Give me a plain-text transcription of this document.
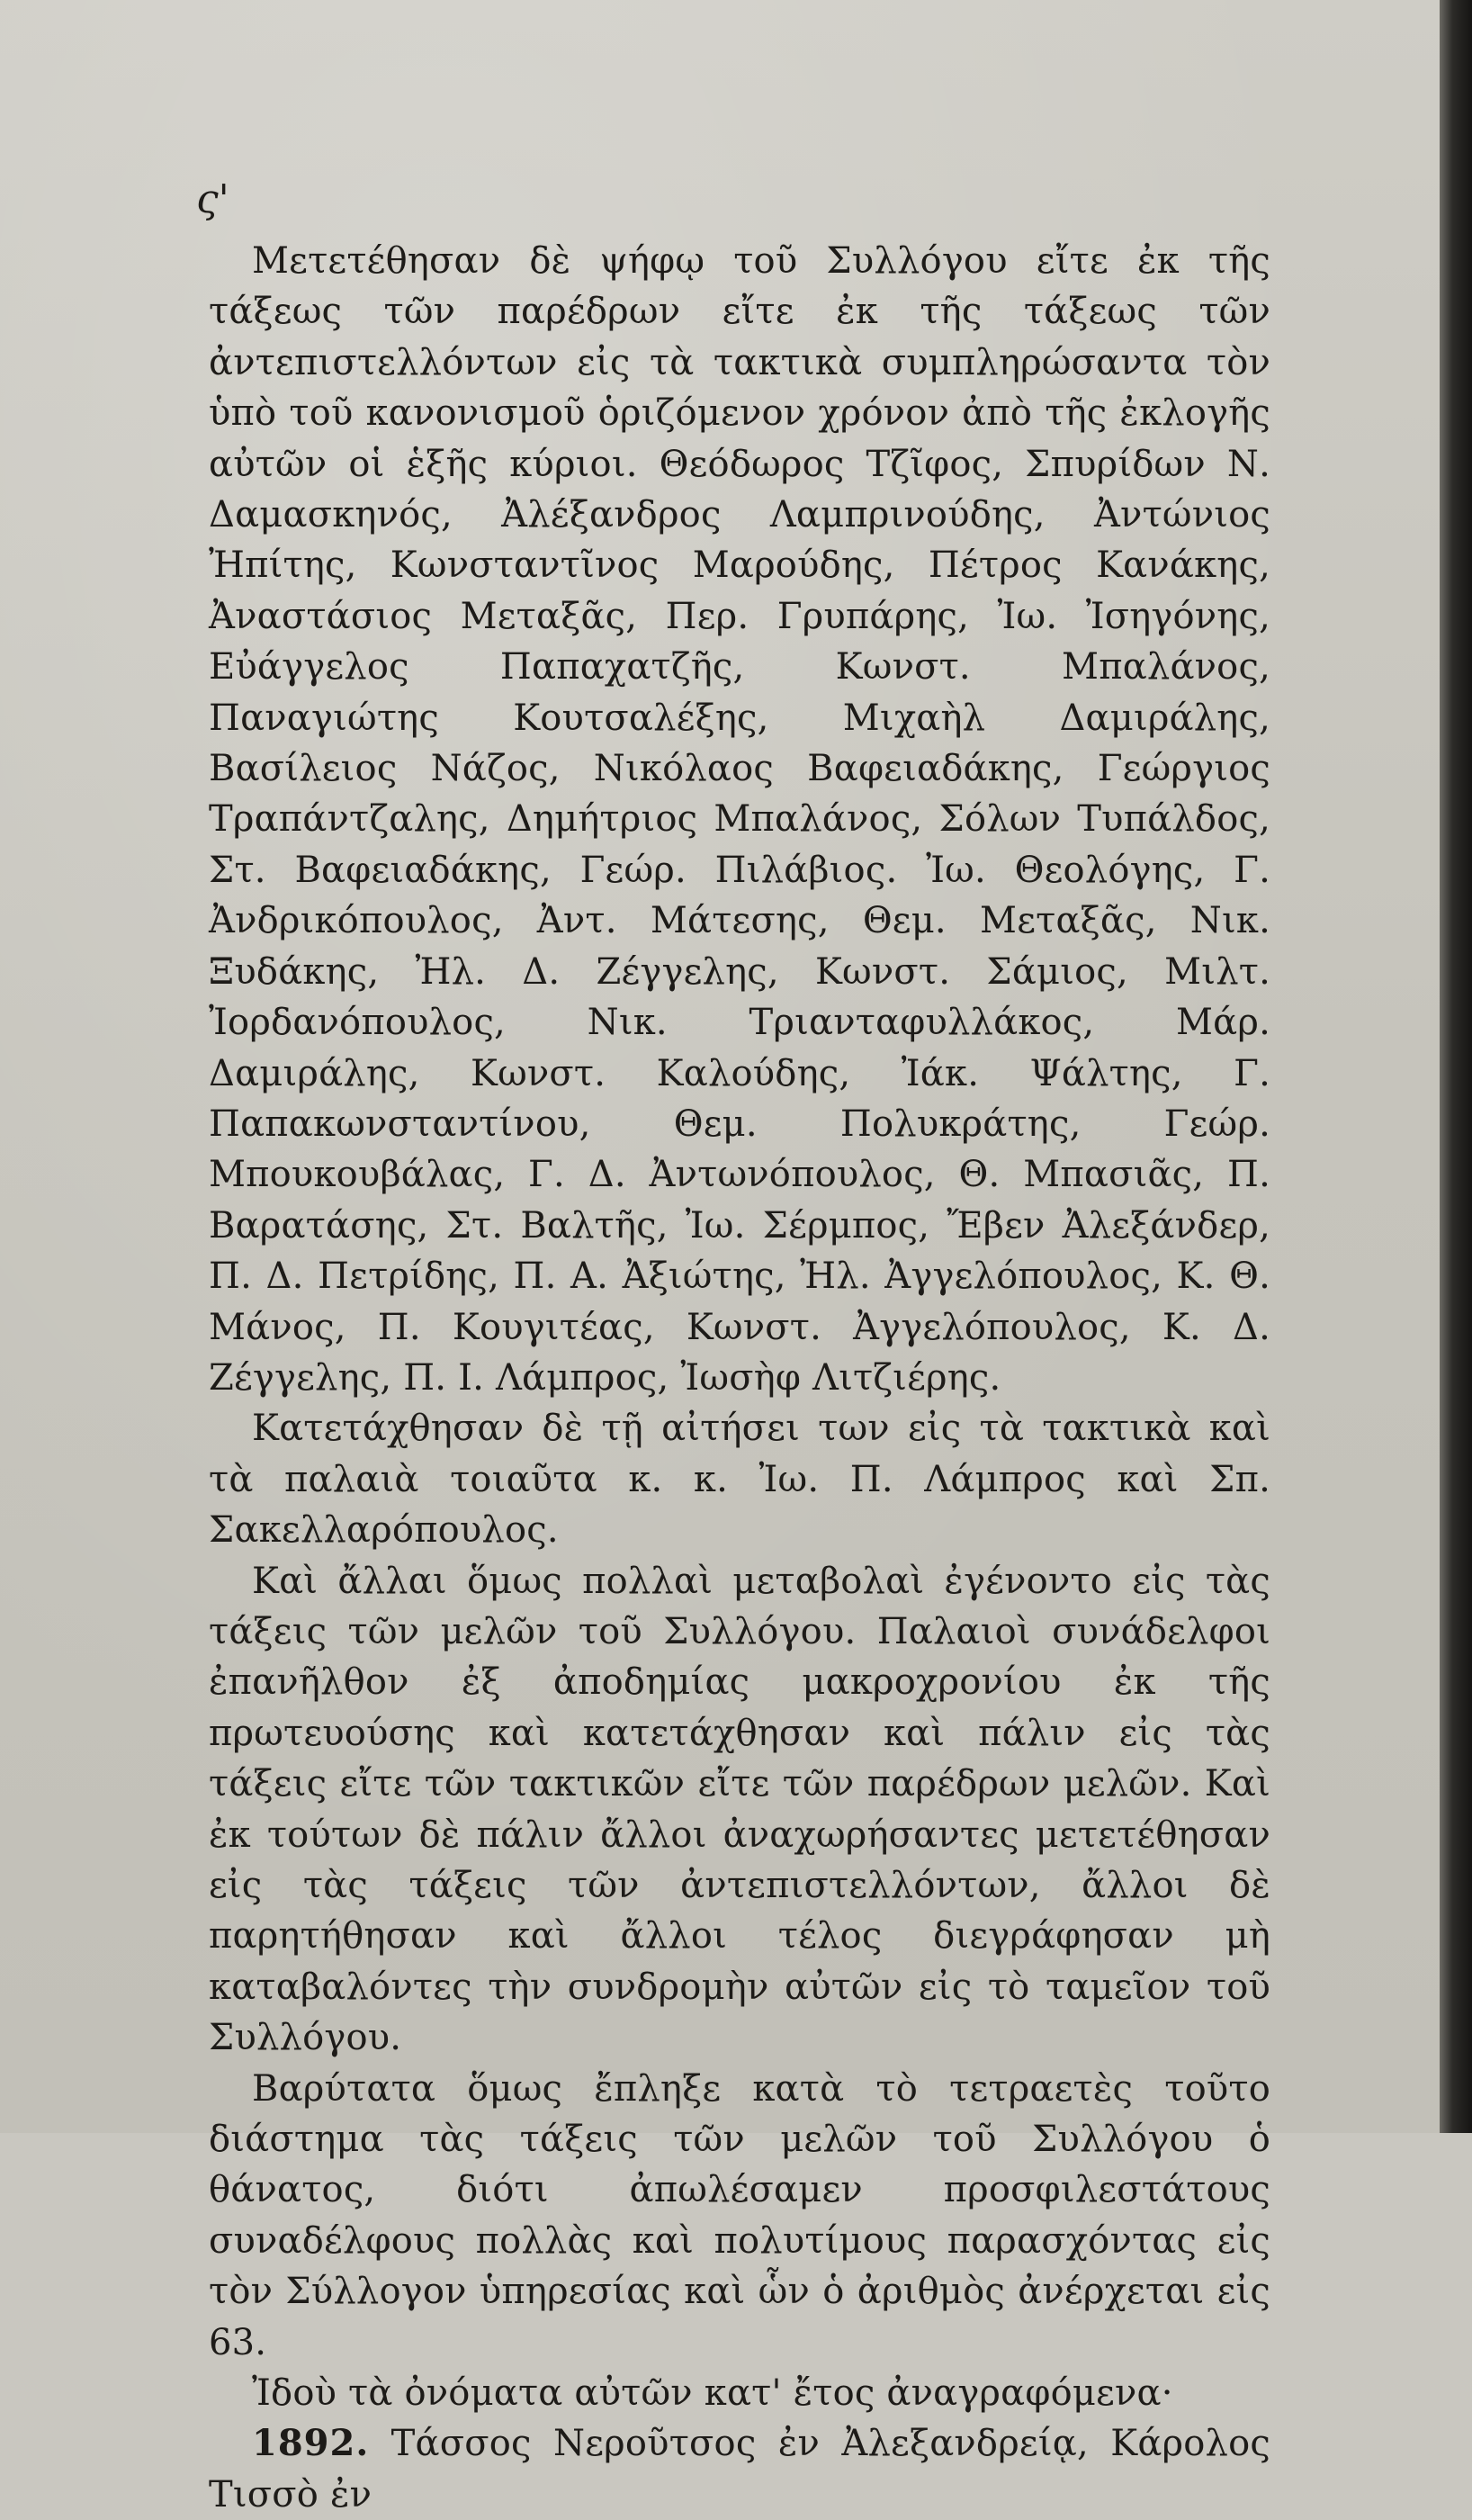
ς'

Μετετέθησαν δὲ ψήφῳ τοῦ Συλλόγου εἴτε ἐκ τῆς τάξεως τῶν παρέδρων εἴτε ἐκ τῆς τάξεως τῶν ἀντεπιστελλόντων εἰς τὰ τακτικὰ συμπληρώσαντα τὸν ὑπὸ τοῦ κανονισμοῦ ὁριζόμενον χρόνον ἀπὸ τῆς ἐκλογῆς αὐτῶν οἱ ἑξῆς κύριοι. Θεόδωρος Τζῖφος, Σπυρίδων Ν. Δαμασκηνός, Ἀλέξανδρος Λαμπρινούδης, Ἀντώνιος Ἠπίτης, Κωνσταντῖνος Μαρούδης, Πέτρος Κανάκης, Ἀναστάσιος Μεταξᾶς, Περ. Γρυπάρης, Ἰω. Ἰσηγόνης, Εὐάγγελος Παπαχατζῆς, Κωνστ. Μπαλάνος, Παναγιώτης Κουτσαλέξης, Μιχαὴλ Δαμιράλης, Βασίλειος Νάζος, Νικόλαος Βαφειαδάκης, Γεώργιος Τραπάντζαλης, Δημήτριος Μπαλάνος, Σόλων Τυπάλδος, Στ. Βαφειαδάκης, Γεώρ. Πιλάβιος. Ἰω. Θεολόγης, Γ. Ἀνδρικόπουλος, Ἀντ. Μάτεσης, Θεμ. Μεταξᾶς, Νικ. Ξυδάκης, Ἠλ. Δ. Ζέγγελης, Κωνστ. Σάμιος, Μιλτ. Ἰορδανόπουλος, Νικ. Τριανταφυλλάκος, Μάρ. Δαμιράλης, Κωνστ. Καλούδης, Ἰάκ. Ψάλτης, Γ. Παπακωνσταντίνου, Θεμ. Πολυκράτης, Γεώρ. Μπουκουβάλας, Γ. Δ. Ἀντωνόπουλος, Θ. Μπασιᾶς, Π. Βαρατάσης, Στ. Βαλτῆς, Ἰω. Σέρμπος, Ἔβεν Ἀλεξάνδερ, Π. Δ. Πετρίδης, Π. Α. Ἀξιώτης, Ἠλ. Ἀγγελόπουλος, Κ. Θ. Μάνος, Π. Κουγιτέας, Κωνστ. Ἀγγελόπουλος, Κ. Δ. Ζέγγελης, Π. Ι. Λάμπρος, Ἰωσὴφ Λιτζιέρης.

Κατετάχθησαν δὲ τῇ αἰτήσει των εἰς τὰ τακτικὰ καὶ τὰ παλαιὰ τοιαῦτα κ. κ. Ἰω. Π. Λάμπρος καὶ Σπ. Σακελλαρόπουλος.

Καὶ ἄλλαι ὅμως πολλαὶ μεταβολαὶ ἐγένοντο εἰς τὰς τάξεις τῶν μελῶν τοῦ Συλλόγου. Παλαιοὶ συνάδελφοι ἐπανῆλθον ἐξ ἀποδημίας μακροχρονίου ἐκ τῆς πρωτευούσης καὶ κατετάχθησαν καὶ πάλιν εἰς τὰς τάξεις εἴτε τῶν τακτικῶν εἴτε τῶν παρέδρων μελῶν. Καὶ ἐκ τούτων δὲ πάλιν ἄλλοι ἀναχωρήσαντες μετετέθησαν εἰς τὰς τάξεις τῶν ἀντεπιστελλόντων, ἄλλοι δὲ παρητήθησαν καὶ ἄλλοι τέλος διεγράφησαν μὴ καταβαλόντες τὴν συνδρομὴν αὐτῶν εἰς τὸ ταμεῖον τοῦ Συλλόγου.

Βαρύτατα ὅμως ἔπληξε κατὰ τὸ τετραετὲς τοῦτο διάστημα τὰς τάξεις τῶν μελῶν τοῦ Συλλόγου ὁ θάνατος, διότι ἀπωλέσαμεν προσφιλεστάτους συναδέλφους πολλὰς καὶ πολυτίμους παρασχόντας εἰς τὸν Σύλλογον ὑπηρεσίας καὶ ὧν ὁ ἀριθμὸς ἀνέρχεται εἰς 63.

Ἰδοὺ τὰ ὀνόματα αὐτῶν κατ' ἔτος ἀναγραφόμενα·

1892. Τάσσος Νεροῦτσος ἐν Ἀλεξανδρείᾳ, Κάρολος Τισσὸ ἐν
